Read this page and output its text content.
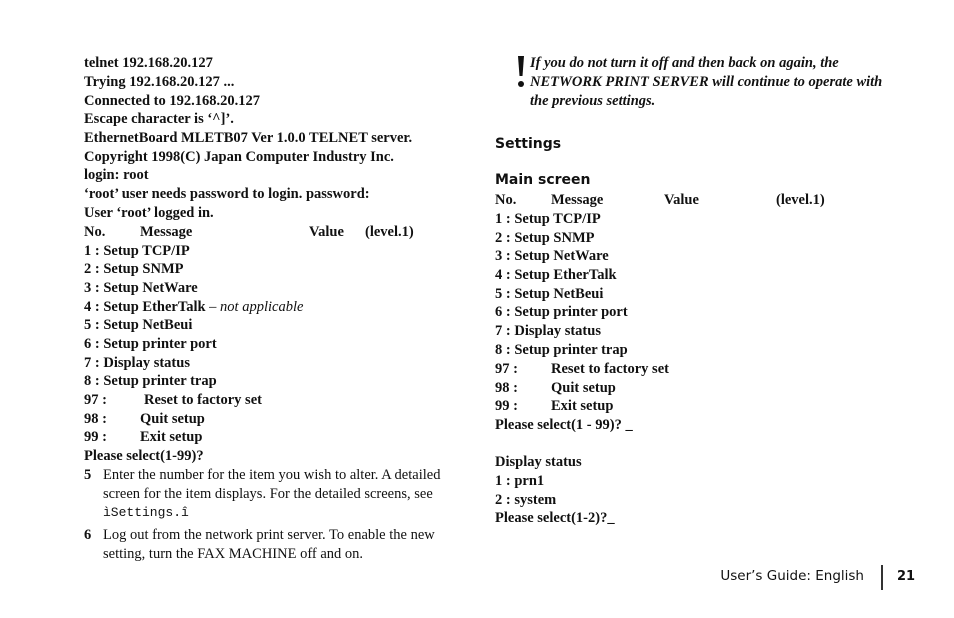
telnet 192.168.20.127
Trying 192.168.20.127 ...
Connected to 192.168.20.127
Escape character is ‘^]’.
EthernetBoard MLETB07 Ver 1.0.0 TELNET server.
Copyright 1998(C) Japan Computer Industry Inc.
login: root
‘root’ user needs password to login. password:
User ‘root’ logged in.
No. Message	Value (level.1)
1 : Setup TCP/IP
2 : Setup SNMP
3 : Setup NetWare
4 : Setup EtherTalk – not applicable
5 : Setup NetBeui
6 : Setup printer port
7 : Display status
8 : Setup printer trap
97 :	Reset to factory set
98 : Quit setup
99 : Exit setup
Please select(1-99)?
5 Enter the number for the item you wish to alter. A detailed screen for the item displays. For the detailed screens, see ìSettings.î
6 Log out from the network print server. To enable the new setting, turn the FAX MACHINE off and on.
If you do not turn it off and then back on again, the NETWORK PRINT SERVER will continue to operate with the previous settings.
Settings
Main screen
No. Message	Value	(level.1)
1 : Setup TCP/IP
2 : Setup SNMP
3 : Setup NetWare
4 : Setup EtherTalk
5 : Setup NetBeui
6 : Setup printer port
7 : Display status
8 : Setup printer trap
97 : Reset to factory set
98 : Quit setup
99 : Exit setup
Please select(1 - 99)? _
Display status
1 : prn1
2 : system
Please select(1-2)?_
User’s Guide: English	21
